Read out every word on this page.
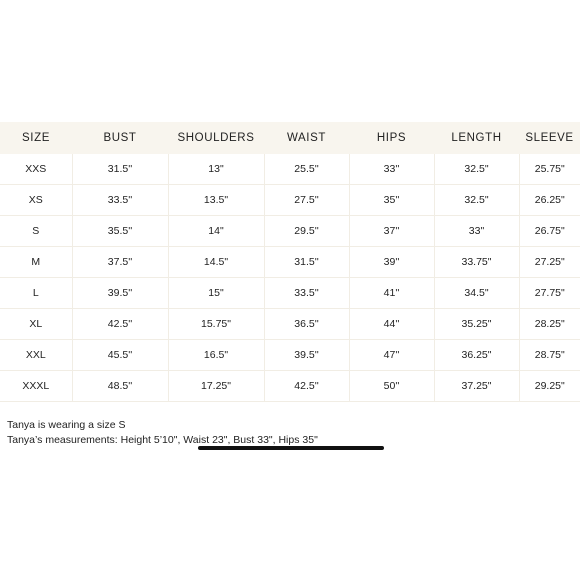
SIZE	BUST	SHOULDERS	WAIST	HIPS	LENGTH	SLEEVE
XXS	31.5''	13"	25.5''	33''	32.5"	25.75"
XS	33.5''	13.5"	27.5''	35''	32.5"	26.25"
S	35.5''	14"	29.5''	37''	33"	26.75"
M	37.5''	14.5"	31.5''	39''	33.75"	27.25"
L	39.5''	15"	33.5''	41''	34.5"	27.75"
XL	42.5''	15.75"	36.5''	44''	35.25"	28.25"
XXL	45.5''	16.5"	39.5''	47''	36.25"	28.75"
XXXL	48.5''	17.25"	42.5''	50''	37.25"	29.25"
Tanya is wearing a size S
Tanya’s measurements: Height 5’10", Waist 23", Bust 33", Hips 35"
